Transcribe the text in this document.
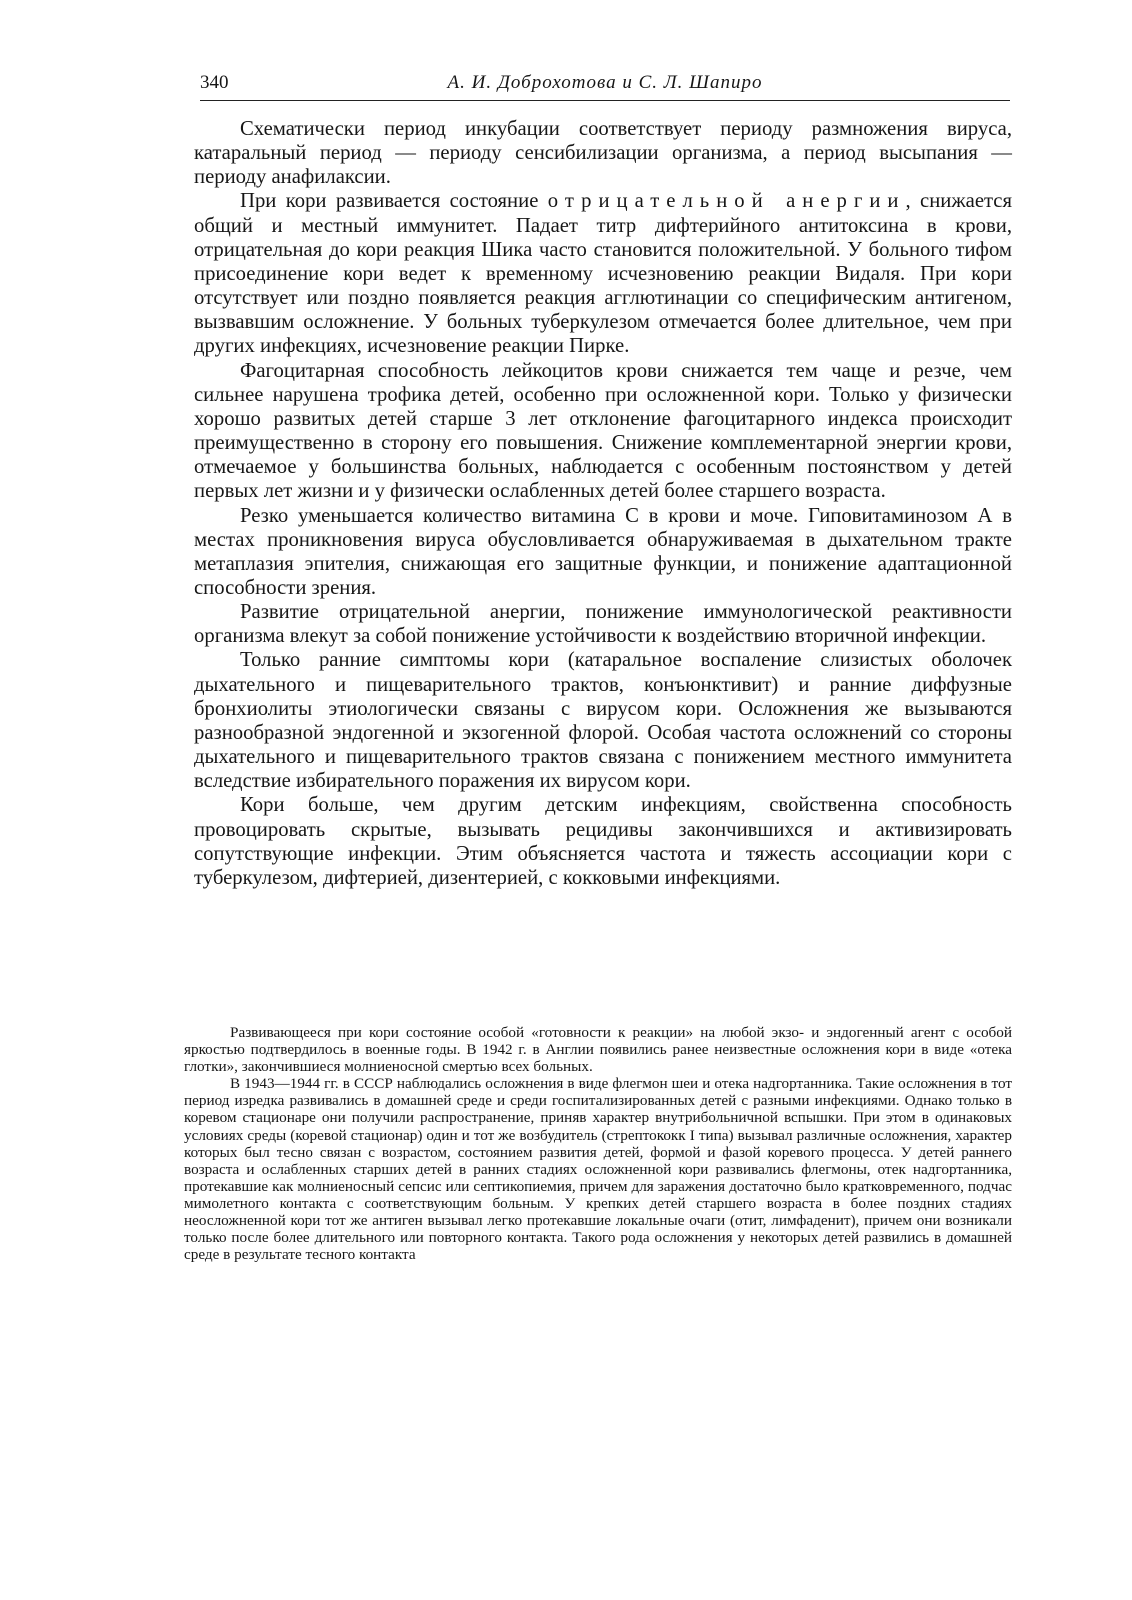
340	А. И. Доброхотова и С. Л. Шапиро

Схематически период инкубации соответствует периоду размножения вируса, катаральный период — периоду сенсибилизации организма, а период высыпания — периоду анафилаксии.

При кори развивается состояние отрицательной анергии, снижается общий и местный иммунитет. Падает титр дифтерийного антитоксина в крови, отрицательная до кори реакция Шика часто становится положительной. У больного тифом присоединение кори ведет к временному исчезновению реакции Видаля. При кори отсутствует или поздно появляется реакция агглютинации со специфическим антигеном, вызвавшим осложнение. У больных туберкулезом отмечается более длительное, чем при других инфекциях, исчезновение реакции Пирке.

Фагоцитарная способность лейкоцитов крови снижается тем чаще и резче, чем сильнее нарушена трофика детей, особенно при осложненной кори. Только у физически хорошо развитых детей старше 3 лет отклонение фагоцитарного индекса происходит преимущественно в сторону его повышения. Снижение комплементарной энергии крови, отмечаемое у большинства больных, наблюдается с особенным постоянством у детей первых лет жизни и у физически ослабленных детей более старшего возраста.

Резко уменьшается количество витамина С в крови и моче. Гиповитаминозом А в местах проникновения вируса обусловливается обнаруживаемая в дыхательном тракте метаплазия эпителия, снижающая его защитные функции, и понижение адаптационной способности зрения.

Развитие отрицательной анергии, понижение иммунологической реактивности организма влекут за собой понижение устойчивости к воздействию вторичной инфекции.

Только ранние симптомы кори (катаральное воспаление слизистых оболочек дыхательного и пищеварительного трактов, конъюнктивит) и ранние диффузные бронхиолиты этиологически связаны с вирусом кори. Осложнения же вызываются разнообразной эндогенной и экзогенной флорой. Особая частота осложнений со стороны дыхательного и пищеварительного трактов связана с понижением местного иммунитета вследствие избирательного поражения их вирусом кори.

Кори больше, чем другим детским инфекциям, свойственна способность провоцировать скрытые, вызывать рецидивы закончившихся и активизировать сопутствующие инфекции. Этим объясняется частота и тяжесть ассоциации кори с туберкулезом, дифтерией, дизентерией, с кокковыми инфекциями.

Развивающееся при кори состояние особой «готовности к реакции» на любой экзо- и эндогенный агент с особой яркостью подтвердилось в военные годы. В 1942 г. в Англии появились ранее неизвестные осложнения кори в виде «отека глотки», закончившиеся молниеносной смертью всех больных.

В 1943—1944 гг. в СССР наблюдались осложнения в виде флегмон шеи и отека надгортанника. Такие осложнения в тот период изредка развивались в домашней среде и среди госпитализированных детей с разными инфекциями. Однако только в коревом стационаре они получили распространение, приняв характер внутрибольничной вспышки. При этом в одинаковых условиях среды (коревой стационар) один и тот же возбудитель (стрептококк I типа) вызывал различные осложнения, характер которых был тесно связан с возрастом, состоянием развития детей, формой и фазой коревого процесса. У детей раннего возраста и ослабленных старших детей в ранних стадиях осложненной кори развивались флегмоны, отек надгортанника, протекавшие как молниеносный сепсис или септикопиемия, причем для заражения достаточно было кратковременного, подчас мимолетного контакта с соответствующим больным. У крепких детей старшего возраста в более поздних стадиях неосложненной кори тот же антиген вызывал легко протекавшие локальные очаги (отит, лимфаденит), причем они возникали только после более длительного или повторного контакта. Такого рода осложнения у некоторых детей развились в домашней среде в результате тесного контакта
